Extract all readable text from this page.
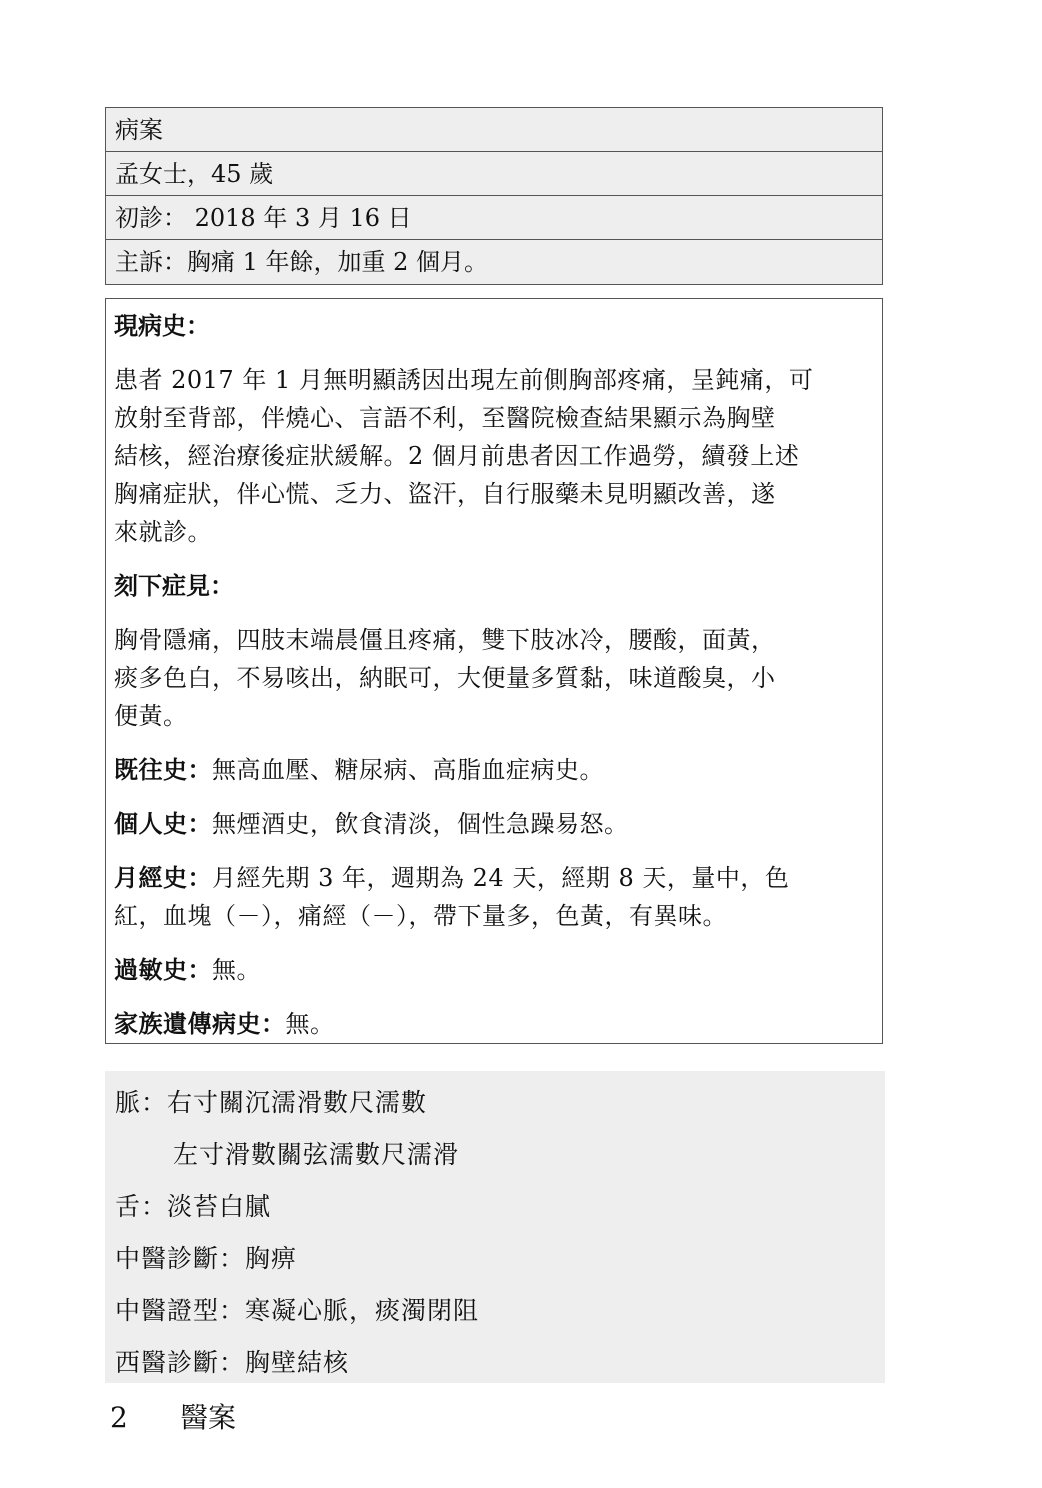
病案
孟女士，45 歲
初診： 2018 年 3 月 16 日
主訴：胸痛 1 年餘，加重 2 個月。
現病史：
患者 2017 年 1 月無明顯誘因出現左前側胸部疼痛，呈鈍痛，可
放射至背部，伴燒心、言語不利，至醫院檢查結果顯示為胸壁
結核，經治療後症狀緩解。2 個月前患者因工作過勞，續發上述
胸痛症狀，伴心慌、乏力、盜汗，自行服藥未見明顯改善，遂
來就診。
刻下症見：
胸骨隱痛，四肢末端晨僵且疼痛，雙下肢冰冷，腰酸，面黃，
痰多色白，不易咳出，納眠可，大便量多質黏，味道酸臭，小
便黃。
既往史：無高血壓、糖尿病、高脂血症病史。
個人史：無煙酒史，飲食清淡，個性急躁易怒。
月經史：月經先期 3 年，週期為 24 天，經期 8 天，量中，色
紅，血塊（－），痛經（－），帶下量多，色黃，有異味。
過敏史：無。
家族遺傳病史：無。
脈：右寸關沉濡滑數尺濡數
左寸滑數關弦濡數尺濡滑
舌：淡苔白膩
中醫診斷：胸痹
中醫證型：寒凝心脈，痰濁閉阻
西醫診斷：胸壁結核
2 醫案
